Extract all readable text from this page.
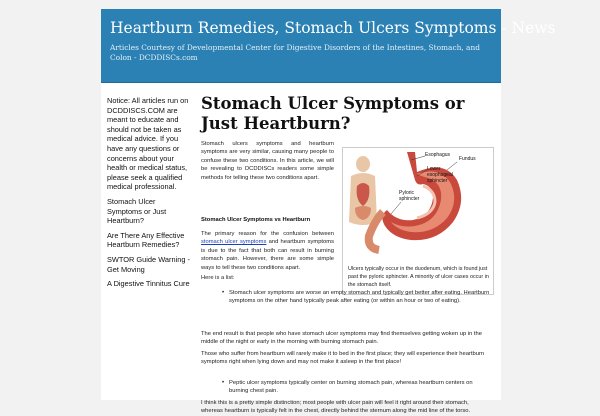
Heartburn Remedies, Stomach Ulcers Symptoms - News
Articles Courtesy of Developmental Center for Digestive Disorders of the Intestines, Stomach, and Colon - DCDDISCs.com
Notice: All articles run on DCDDISCS.COM are meant to educate and should not be taken as medical advice. If you have any questions or concerns about your health or medical status, please seek a qualified medical professional.
Stomach Ulcer Symptoms or Just Heartburn?
Are There Any Effective Heartburn Remedies?
SWTOR Guide Warning - Get Moving
A Digestive Tinnitus Cure
Stomach Ulcer Symptoms or Just Heartburn?

Stomach ulcers symptoms and heartburn symptoms are very similar, causing many people to confuse these two conditions. In this article, we will be revealing to DCDDISCs readers some simple methods for telling these two conditions apart.

Esophagus
Fundus
Lower esophageal sphincter
Pyloric sphincter
Ulcers typically occur in the duodenum, which is found just past the pyloric sphincter. A minority of ulcer cases occur in the stomach itself.
Stomach Ulcer Symptoms vs Heartburn

The primary reason for the confusion between stomach ulcer symptoms and heartburn symptoms is due to the fact that both can result in burning stomach pain. However, there are some simple ways to tell these two conditions apart.

Here is a list:

• Stomach ulcer symptoms are worse an empty stomach and typically get better after eating. Heartburn symptoms on the other hand typically peak after eating (or within an hour or two of eating).

The end result is that people who have stomach ulcer symptoms may find themselves getting woken up in the middle of the night or early in the morning with burning stomach pain.

Those who suffer from heartburn will rarely make it to bed in the first place; they will experience their heartburn symptoms right when lying down and may not make it asleep in the first place!

• Peptic ulcer symptoms typically center on burning stomach pain, whereas heartburn centers on burning chest pain.

I think this is a pretty simple distinction; most people with ulcer pain will feel it right around their stomach, whereas heartburn is typically felt in the chest, directly behind the sternum along the mid line of the torso.
